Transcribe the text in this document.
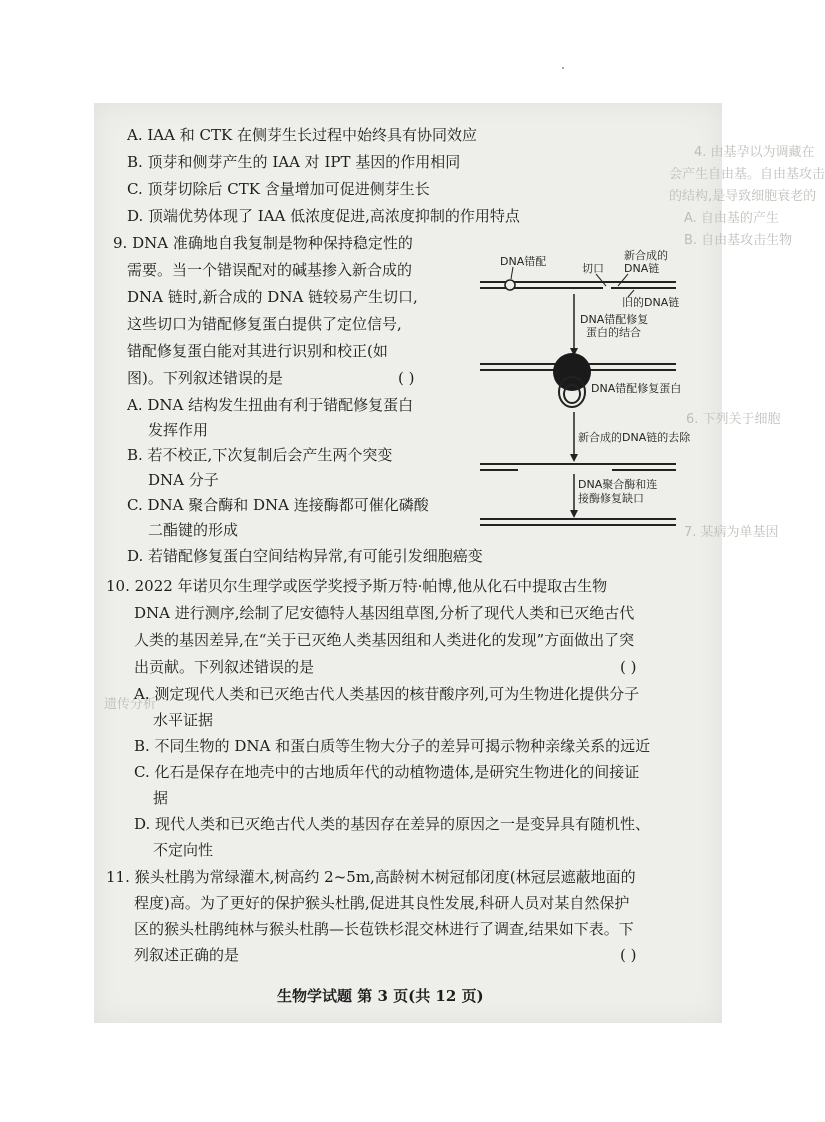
4. 由基孕以为调藏在
会产生自由基。自由基攻击
的结构,是导致细胞衰老的
A. 自由基的产生
B. 自由基攻击生物
6. 下列关于细胞
7. 某病为单基因
遗传分析
A. IAA 和 CTK 在侧芽生长过程中始终具有协同效应
B. 顶芽和侧芽产生的 IAA 对 IPT 基因的作用相同
C. 顶芽切除后 CTK 含量增加可促进侧芽生长
D. 顶端优势体现了 IAA 低浓度促进,高浓度抑制的作用特点
9. DNA 准确地自我复制是物种保持稳定性的
需要。当一个错误配对的碱基掺入新合成的
DNA 链时,新合成的 DNA 链较易产生切口,
这些切口为错配修复蛋白提供了定位信号,
错配修复蛋白能对其进行识别和校正(如
图)。下列叙述错误的是	( )
A. DNA 结构发生扭曲有利于错配修复蛋白
发挥作用
B. 若不校正,下次复制后会产生两个突变
DNA 分子
C. DNA 聚合酶和 DNA 连接酶都可催化磷酸
二酯键的形成
D. 若错配修复蛋白空间结构异常,有可能引发细胞癌变
DNA错配	新合成的
DNA链
切口
旧的DNA链
DNA错配修复
蛋白的结合
DNA错配修复蛋白
新合成的DNA链的去除
DNA聚合酶和连
接酶修复缺口
10. 2022 年诺贝尔生理学或医学奖授予斯万特·帕博,他从化石中提取古生物
DNA 进行测序,绘制了尼安德特人基因组草图,分析了现代人类和已灭绝古代
人类的基因差异,在“关于已灭绝人类基因组和人类进化的发现”方面做出了突
出贡献。下列叙述错误的是	( )
A. 测定现代人类和已灭绝古代人类基因的核苷酸序列,可为生物进化提供分子
水平证据
B. 不同生物的 DNA 和蛋白质等生物大分子的差异可揭示物种亲缘关系的远近
C. 化石是保存在地壳中的古地质年代的动植物遗体,是研究生物进化的间接证
据
D. 现代人类和已灭绝古代人类的基因存在差异的原因之一是变异具有随机性、
不定向性
11. 猴头杜鹃为常绿灌木,树高约 2~5m,高龄树木树冠郁闭度(林冠层遮蔽地面的
程度)高。为了更好的保护猴头杜鹃,促进其良性发展,科研人员对某自然保护
区的猴头杜鹃纯林与猴头杜鹃—长苞铁杉混交林进行了调查,结果如下表。下
列叙述正确的是	( )
生物学试题 第 3 页(共 12 页)
